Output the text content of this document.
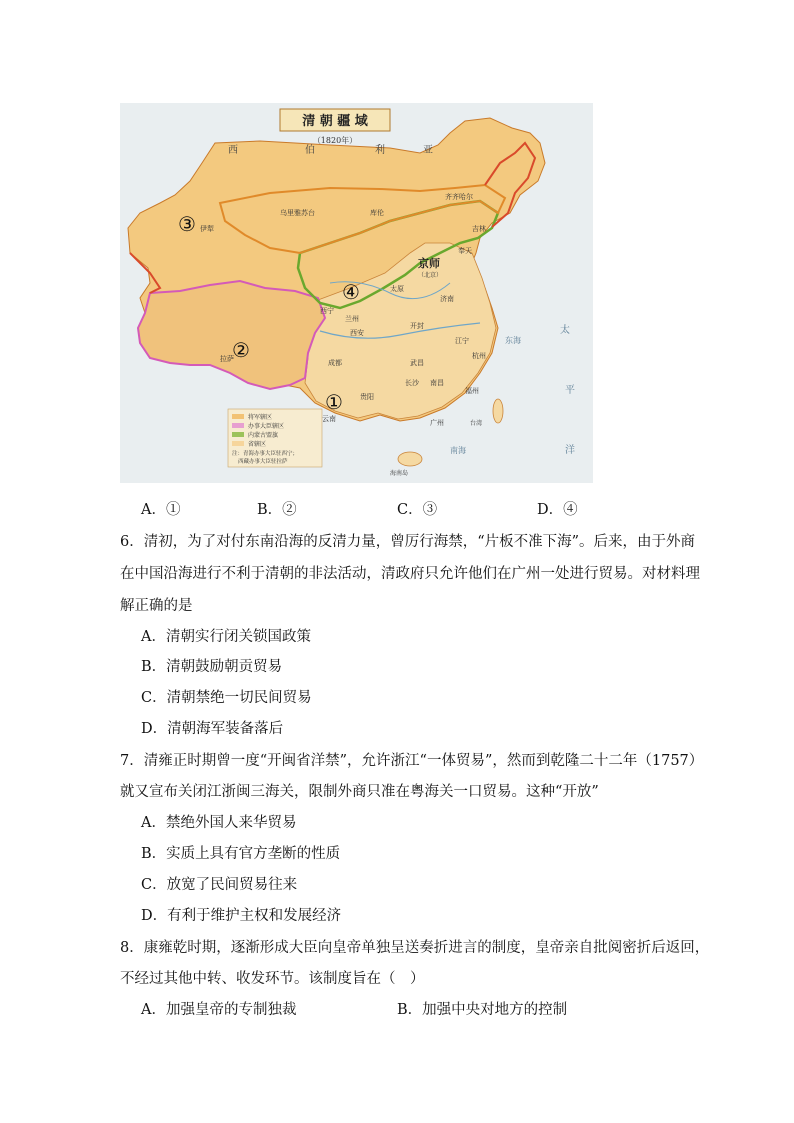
清 朝 疆 域
（1820年）
西	伯	利	亚
齐齐哈尔
吉林
奉天
乌里雅苏台	库伦
伊犁
京师
（北京）
拉萨
西宁
兰州
西安
成都
云南
贵阳
广州
长沙
武昌
南昌
福州
杭州
江宁
济南
开封
太原
台湾
海南岛
太
平
洋
东海
南海
①
②
③
④
将军辖区
办事大臣辖区
内蒙古盟旗
省辖区
注：青海办事大臣驻西宁；
西藏办事大臣驻拉萨
A．①	B．②	C．③	D．④
6．清初，为了对付东南沿海的反清力量，曾厉行海禁，“片板不准下海”。后来，由于外商
在中国沿海进行不利于清朝的非法活动，清政府只允许他们在广州一处进行贸易。对材料理
解正确的是
A．清朝实行闭关锁国政策
B．清朝鼓励朝贡贸易
C．清朝禁绝一切民间贸易
D．清朝海军装备落后
7．清雍正时期曾一度“开闽省洋禁”，允许浙江“一体贸易”，然而到乾隆二十二年（1757）
就又宣布关闭江浙闽三海关，限制外商只准在粤海关一口贸易。这种“开放”
A．禁绝外国人来华贸易
B．实质上具有官方垄断的性质
C．放宽了民间贸易往来
D．有利于维护主权和发展经济
8．康雍乾时期，逐渐形成大臣向皇帝单独呈送奏折进言的制度，皇帝亲自批阅密折后返回，
不经过其他中转、收发环节。该制度旨在（　）
A．加强皇帝的专制独裁	B．加强中央对地方的控制
